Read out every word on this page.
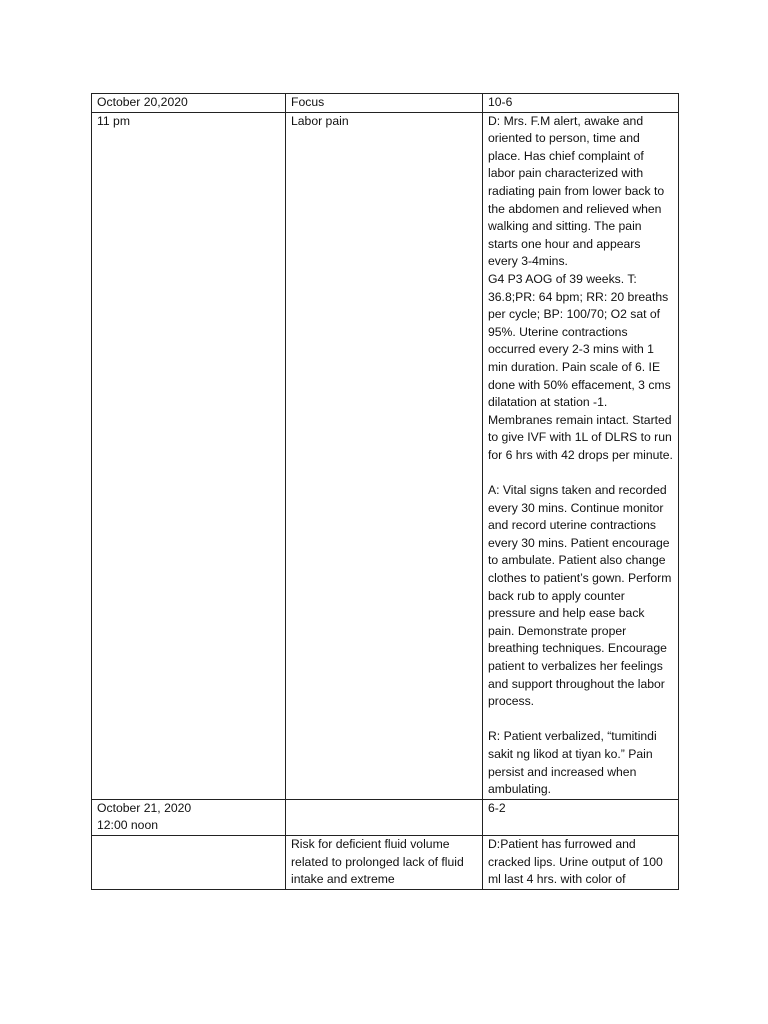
October 20,2020	Focus	10-6

11 pm	Labor pain	D: Mrs. F.M alert, awake and oriented to person, time and place. Has chief complaint of labor pain characterized with radiating pain from lower back to the abdomen and relieved when walking and sitting. The pain starts one hour and appears every 3-4mins.
G4 P3 AOG of 39 weeks. T: 36.8;PR: 64 bpm; RR: 20 breaths per cycle; BP: 100/70; O2 sat of 95%. Uterine contractions occurred every 2-3 mins with 1 min duration. Pain scale of 6. IE done with 50% effacement, 3 cms dilatation at station -1. Membranes remain intact. Started to give IVF with 1L of DLRS to run for 6 hrs with 42 drops per minute.
A: Vital signs taken and recorded every 30 mins. Continue monitor and record uterine contractions every 30 mins. Patient encourage to ambulate. Patient also change clothes to patient’s gown. Perform back rub to apply counter pressure and help ease back pain. Demonstrate proper breathing techniques. Encourage patient to verbalizes her feelings and support throughout the labor process.
R: Patient verbalized, “tumitindi sakit ng likod at tiyan ko.” Pain persist and increased when ambulating.

October 21, 2020
12:00 noon		6-2

	Risk for deficient fluid volume related to prolonged lack of fluid intake and extreme	D:Patient has furrowed and cracked lips. Urine output of 100 ml last 4 hrs. with color of
